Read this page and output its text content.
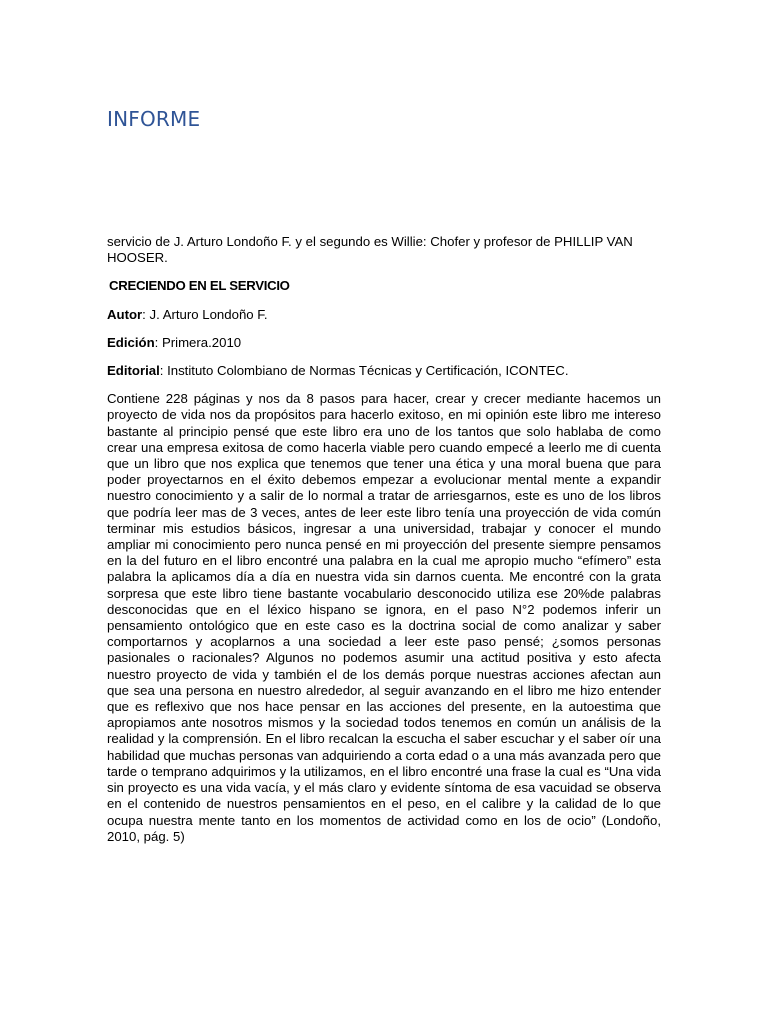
INFORME

servicio de J. Arturo Londoño F. y el segundo es Willie: Chofer y profesor de PHILLIP VAN HOOSER.

CRECIENDO EN EL SERVICIO

Autor: J. Arturo Londoño F.

Edición: Primera.2010

Editorial: Instituto Colombiano de Normas Técnicas y Certificación, ICONTEC.

Contiene 228 páginas y nos da 8 pasos para hacer, crear y crecer mediante hacemos un proyecto de vida nos da propósitos para hacerlo exitoso, en mi opinión este libro me intereso bastante al principio pensé que este libro era uno de los tantos que solo hablaba de como crear una empresa exitosa de como hacerla viable pero cuando empecé a leerlo me di cuenta que un libro que nos explica que tenemos que tener una ética y una moral buena que para poder proyectarnos en el éxito debemos empezar a evolucionar mental mente a expandir nuestro conocimiento y a salir de lo normal a tratar de arriesgarnos, este es uno de los libros que podría leer mas de 3 veces, antes de leer este libro tenía una proyección de vida común terminar mis estudios básicos, ingresar a una universidad, trabajar y conocer el mundo ampliar mi conocimiento pero nunca pensé en mi proyección del presente siempre pensamos en la del futuro en el libro encontré una palabra en la cual me apropio mucho “efímero” esta palabra la aplicamos día a día en nuestra vida sin darnos cuenta. Me encontré con la grata sorpresa que este libro tiene bastante vocabulario desconocido utiliza ese 20%de palabras desconocidas que en el léxico hispano se ignora, en el paso N°2 podemos inferir un pensamiento ontológico que en este caso es la doctrina social de como analizar y saber comportarnos y acoplarnos a una sociedad a leer este paso pensé; ¿somos personas pasionales o racionales? Algunos no podemos asumir una actitud positiva y esto afecta nuestro proyecto de vida y también el de los demás porque nuestras acciones afectan aun que sea una persona en nuestro alrededor, al seguir avanzando en el libro me hizo entender que es reflexivo que nos hace pensar en las acciones del presente, en la autoestima que apropiamos ante nosotros mismos y la sociedad todos tenemos en común un análisis de la realidad y la comprensión. En el libro recalcan la escucha el saber escuchar y el saber oír una habilidad que muchas personas van adquiriendo a corta edad o a una más avanzada pero que tarde o temprano adquirimos y la utilizamos, en el libro encontré una frase la cual es “Una vida sin proyecto es una vida vacía, y el más claro y evidente síntoma de esa vacuidad se observa en el contenido de nuestros pensamientos en el peso, en el calibre y la calidad de lo que ocupa nuestra mente tanto en los momentos de actividad como en los de ocio” (Londoño, 2010, pág. 5)
